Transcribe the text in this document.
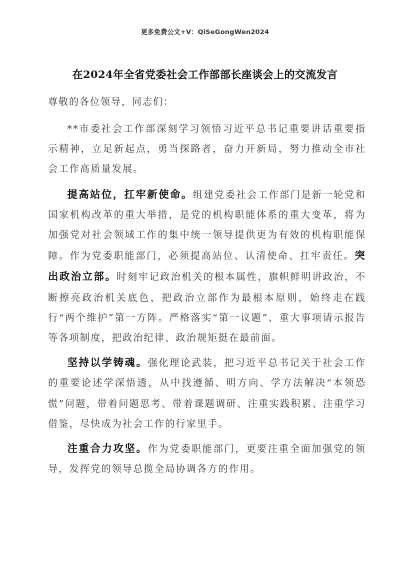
更多免费公文+V：QiSeGongWen2024
在2024年全省党委社会工作部部长座谈会上的交流发言
尊敬的各位领导，同志们：

**市委社会工作部深刻学习领悟习近平总书记重要讲话重要指示精神，立足新起点，勇当探路者，奋力开新局，努力推动全市社会工作高质量发展。

提高站位，扛牢新使命。组建党委社会工作部门是新一轮党和国家机构改革的重大举措，是党的机构职能体系的重大变革，将为加强党对社会领域工作的集中统一领导提供更为有效的机构职能保障。作为党委职能部门，必须提高站位、认清使命、扛牢责任。突出政治立部。时刻牢记政治机关的根本属性，旗帜鲜明讲政治，不断擦亮政治机关底色，把政治立部作为最根本原则，始终走在践行“两个维护”第一方阵。严格落实“第一议题”、重大事项请示报告等各项制度，把政治纪律、政治规矩挺在最前面。

坚持以学铸魂。强化理论武装，把习近平总书记关于社会工作的重要论述学深悟透，从中找遵循、明方向、学方法解决“本领恐慌”问题，带着问题思考、带着课题调研、注重实践积累、注重学习借鉴，尽快成为社会工作的行家里手。

注重合力攻坚。作为党委职能部门，更要注重全面加强党的领导，发挥党的领导总揽全局协调各方的作用。
